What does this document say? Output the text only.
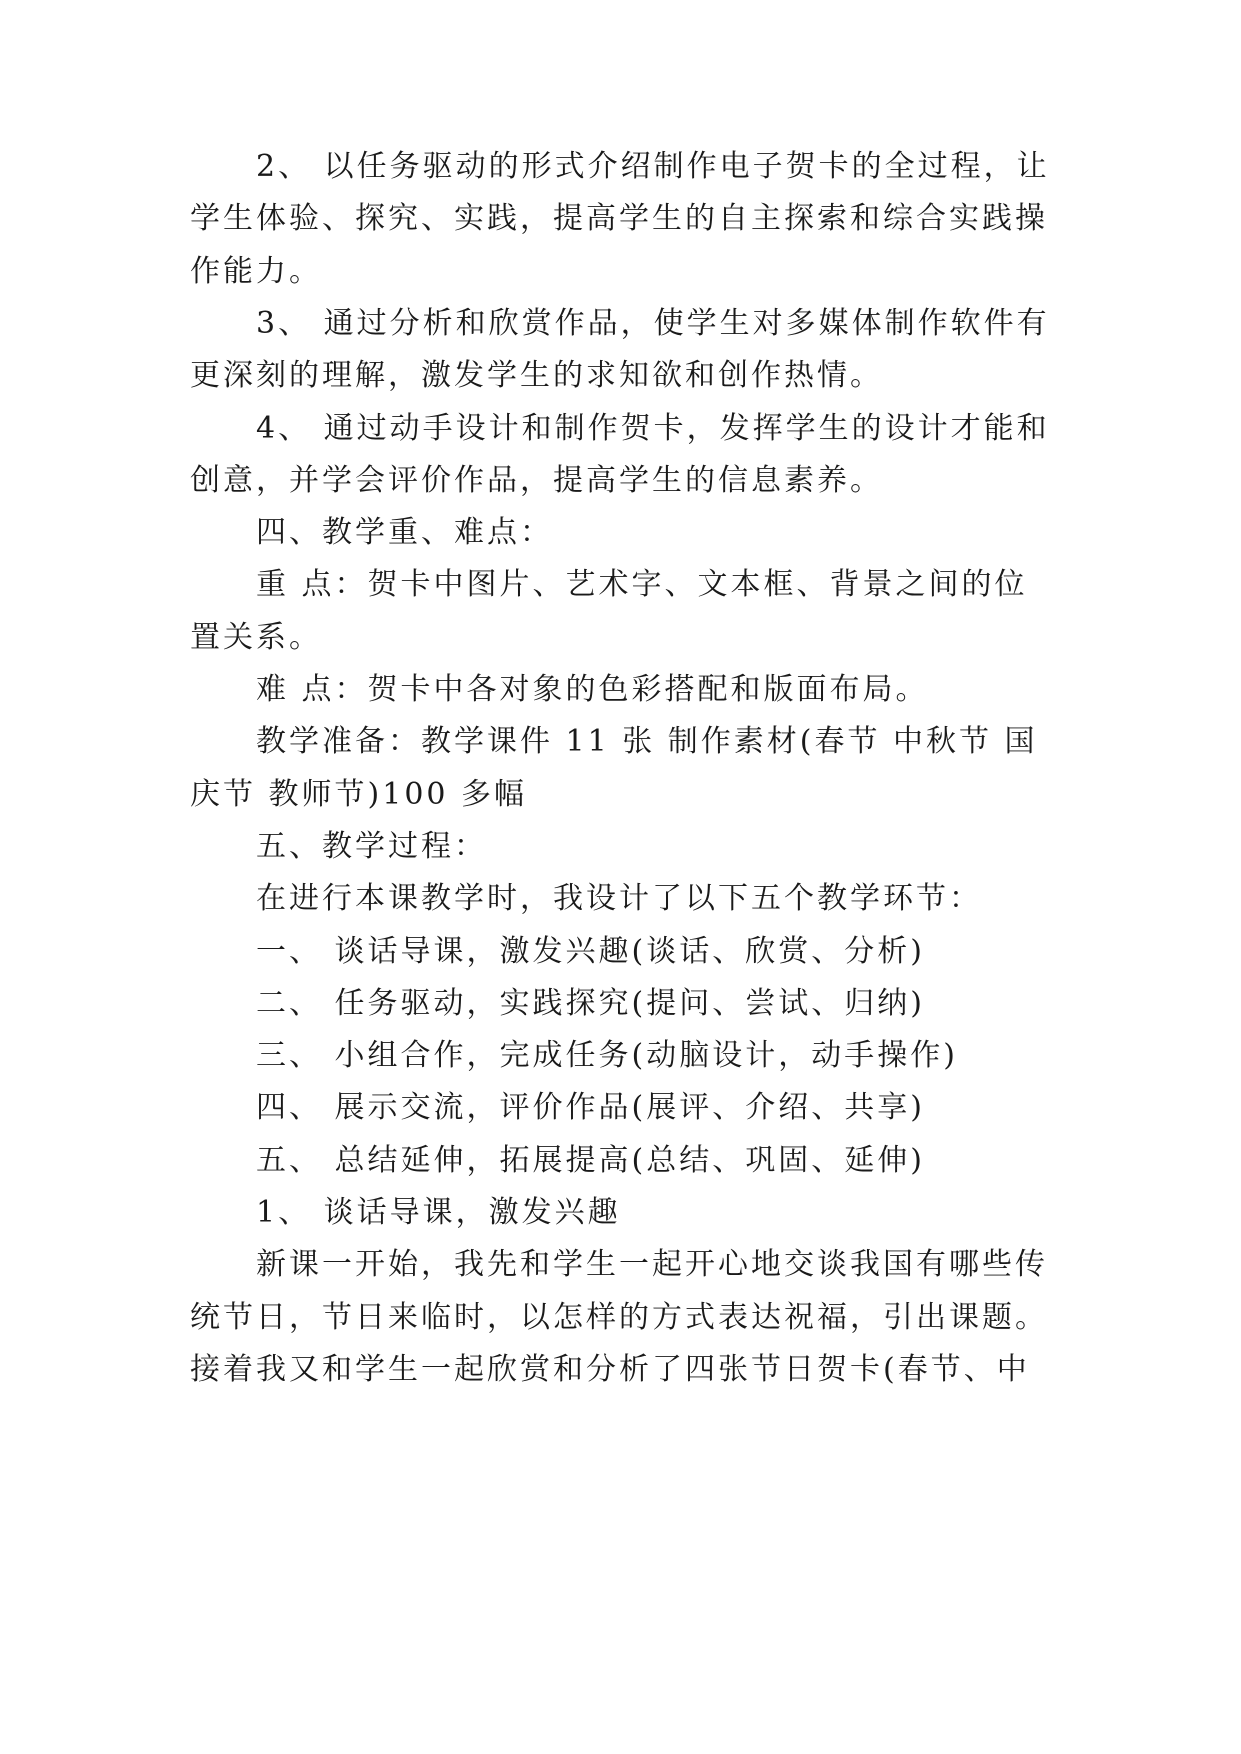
2、 以任务驱动的形式介绍制作电子贺卡的全过程，让
学生体验、探究、实践，提高学生的自主探索和综合实践操
作能力。
3、 通过分析和欣赏作品，使学生对多媒体制作软件有
更深刻的理解，激发学生的求知欲和创作热情。
4、 通过动手设计和制作贺卡，发挥学生的设计才能和
创意，并学会评价作品，提高学生的信息素养。
四、教学重、难点：
重 点：贺卡中图片、艺术字、文本框、背景之间的位
置关系。
难 点：贺卡中各对象的色彩搭配和版面布局。
教学准备：教学课件 11 张 制作素材(春节 中秋节 国
庆节 教师节)100 多幅
五、教学过程：
在进行本课教学时，我设计了以下五个教学环节：
一、 谈话导课，激发兴趣(谈话、欣赏、分析)
二、 任务驱动，实践探究(提问、尝试、归纳)
三、 小组合作，完成任务(动脑设计，动手操作)
四、 展示交流，评价作品(展评、介绍、共享)
五、 总结延伸，拓展提高(总结、巩固、延伸)
1、 谈话导课，激发兴趣
新课一开始，我先和学生一起开心地交谈我国有哪些传
统节日，节日来临时，以怎样的方式表达祝福，引出课题。
接着我又和学生一起欣赏和分析了四张节日贺卡(春节、中
